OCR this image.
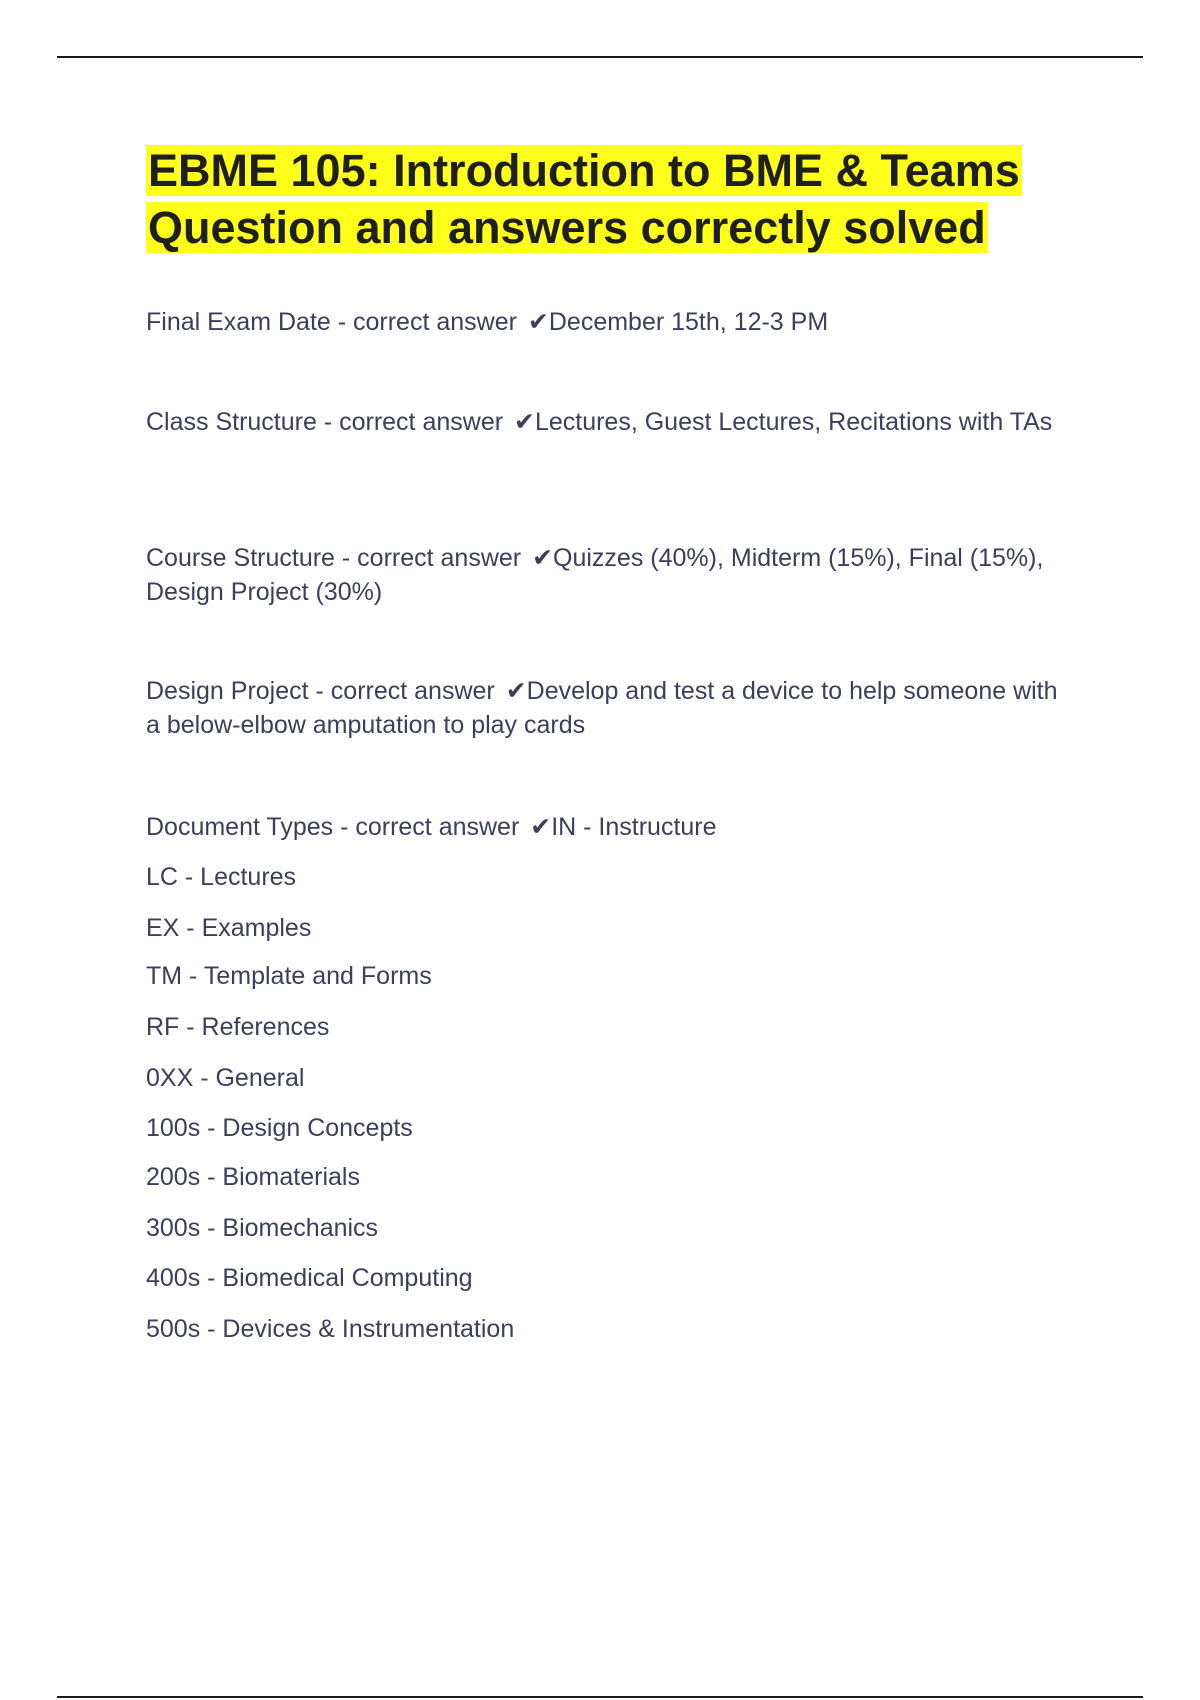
EBME 105: Introduction to BME & Teams Question and answers correctly solved
Final Exam Date - correct answer ✔December 15th, 12-3 PM
Class Structure - correct answer ✔Lectures, Guest Lectures, Recitations with TAs
Course Structure - correct answer ✔Quizzes (40%), Midterm (15%), Final (15%), Design Project (30%)
Design Project - correct answer ✔Develop and test a device to help someone with a below-elbow amputation to play cards
Document Types - correct answer ✔IN - Instructure
LC - Lectures
EX - Examples
TM - Template and Forms
RF - References
0XX - General
100s - Design Concepts
200s - Biomaterials
300s - Biomechanics
400s - Biomedical Computing
500s - Devices & Instrumentation
